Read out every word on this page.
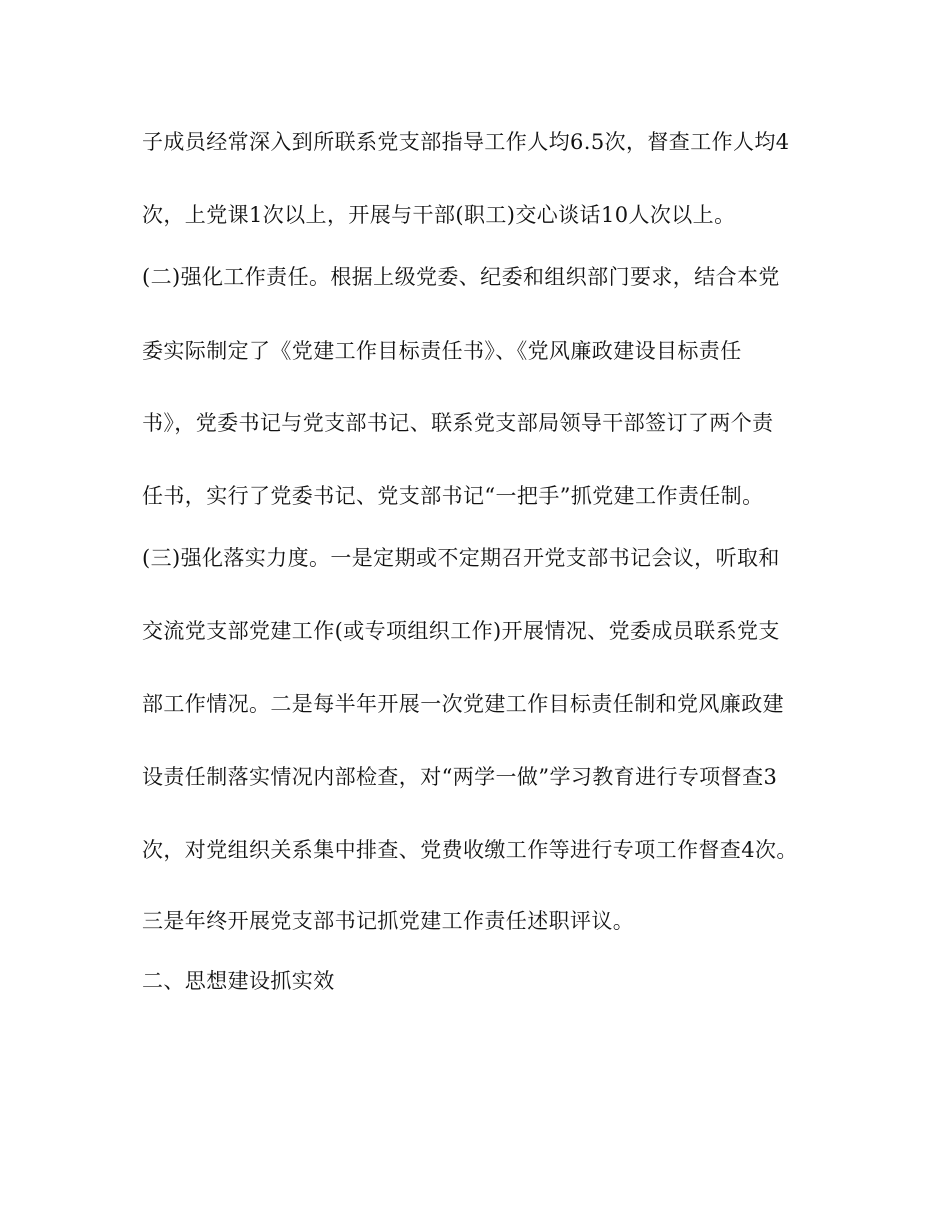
子成员经常深入到所联系党支部指导工作人均6.5次，督查工作人均4
次，上党课1次以上，开展与干部(职工)交心谈话10人次以上。
(二)强化工作责任。根据上级党委、纪委和组织部门要求，结合本党
委实际制定了《党建工作目标责任书》、《党风廉政建设目标责任
书》，党委书记与党支部书记、联系党支部局领导干部签订了两个责
任书，实行了党委书记、党支部书记“一把手”抓党建工作责任制。
(三)强化落实力度。一是定期或不定期召开党支部书记会议，听取和
交流党支部党建工作(或专项组织工作)开展情况、党委成员联系党支
部工作情况。二是每半年开展一次党建工作目标责任制和党风廉政建
设责任制落实情况内部检查，对“两学一做”学习教育进行专项督查3
次，对党组织关系集中排查、党费收缴工作等进行专项工作督查4次。
三是年终开展党支部书记抓党建工作责任述职评议。
二、思想建设抓实效
